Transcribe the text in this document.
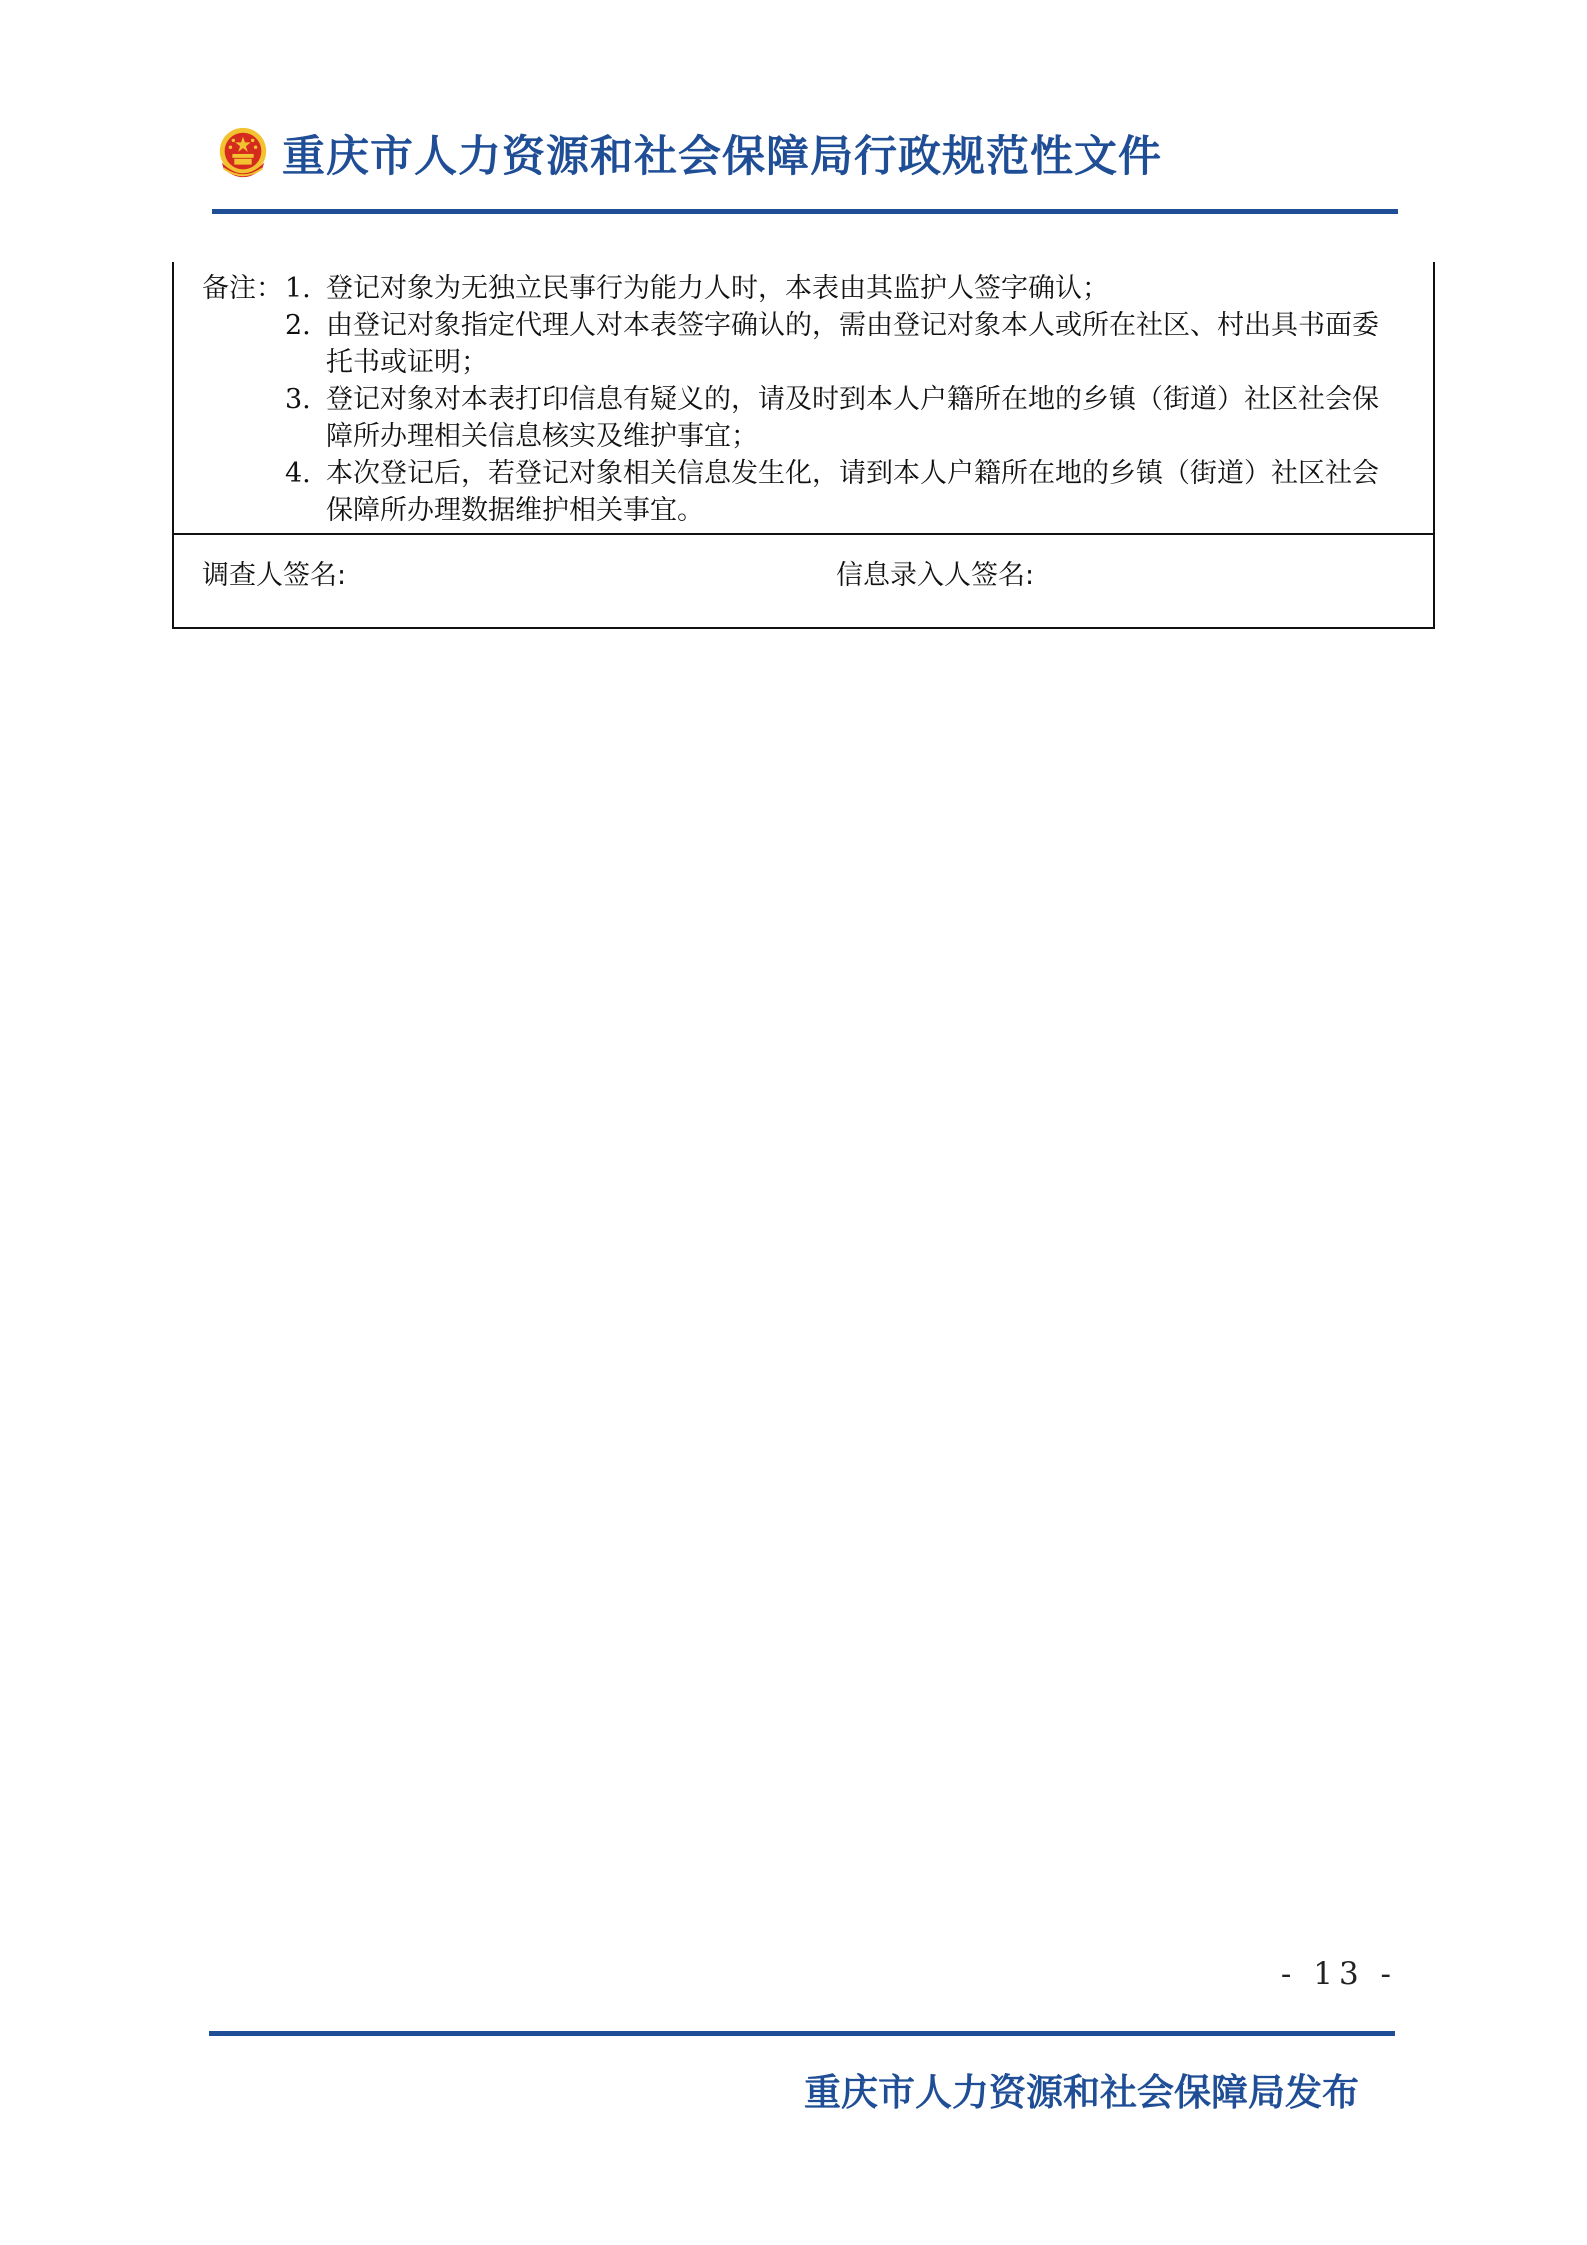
重庆市人力资源和社会保障局行政规范性文件
备注： 1. 登记对象为无独立民事行为能力人时，本表由其监护人签字确认；
2. 由登记对象指定代理人对本表签字确认的，需由登记对象本人或所在社区、村出具书面委
托书或证明；
3. 登记对象对本表打印信息有疑义的，请及时到本人户籍所在地的乡镇（街道）社区社会保
障所办理相关信息核实及维护事宜；
4. 本次登记后，若登记对象相关信息发生化，请到本人户籍所在地的乡镇（街道）社区社会
保障所办理数据维护相关事宜。
调查人签名:	信息录入人签名:
- 13 -
重庆市人力资源和社会保障局发布
